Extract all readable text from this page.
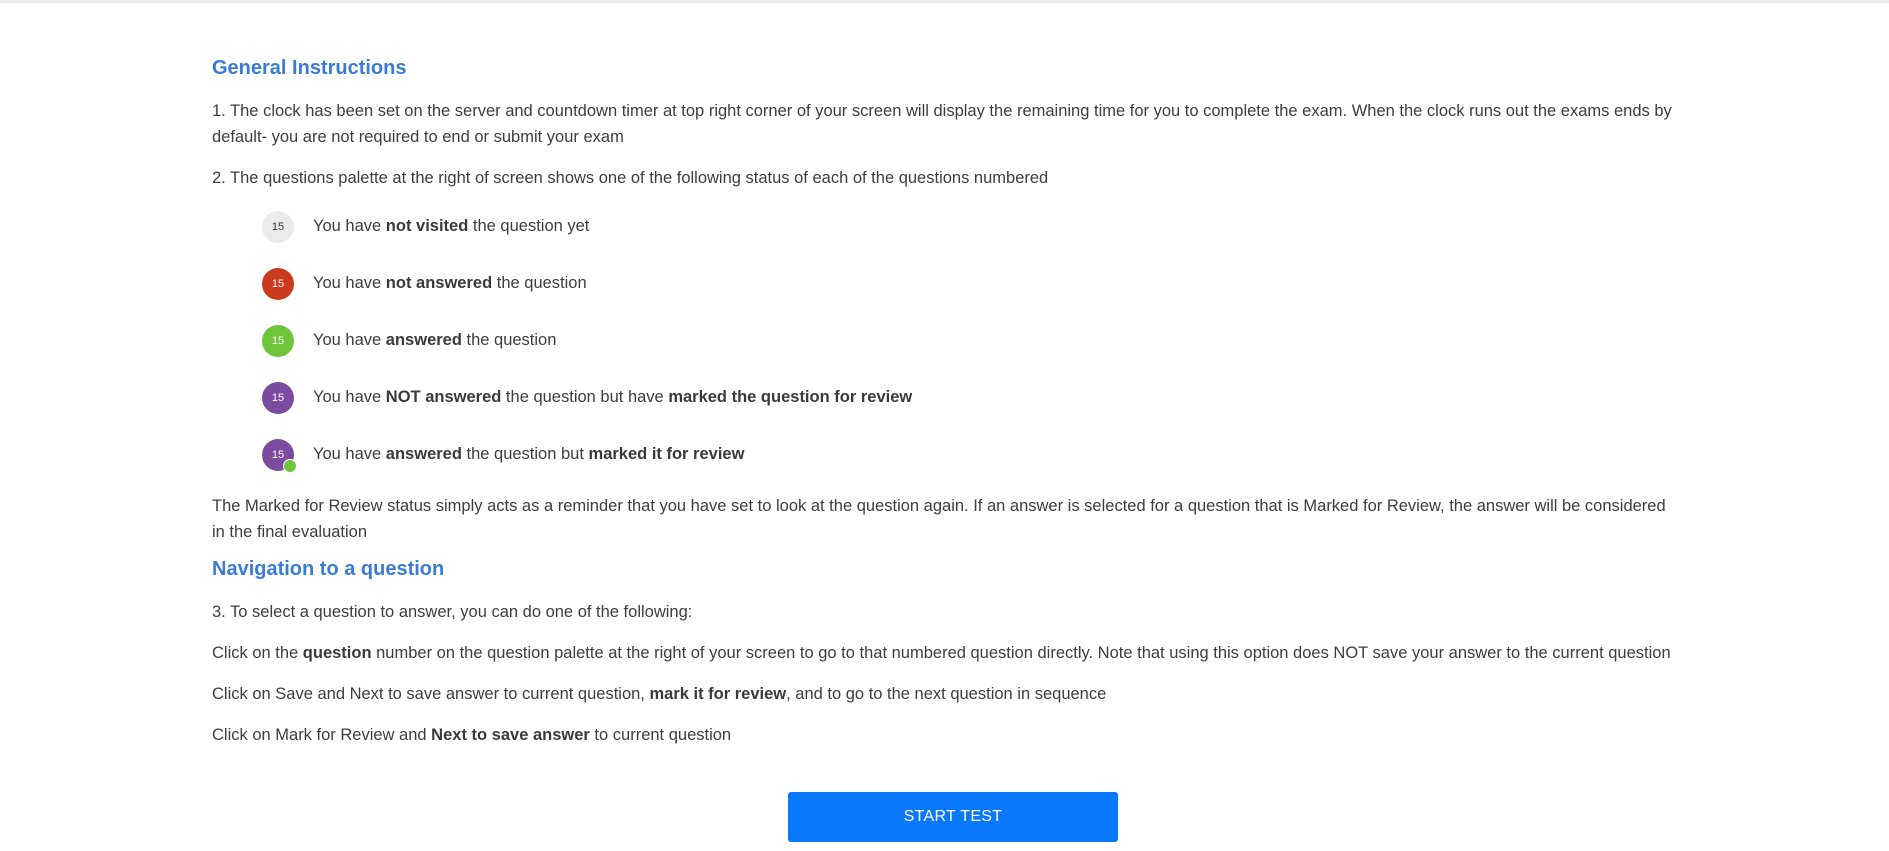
General Instructions

1. The clock has been set on the server and countdown timer at top right corner of your screen will display the remaining time for you to complete the exam. When the clock runs out the exams ends by default- you are not required to end or submit your exam

2. The questions palette at the right of screen shows one of the following status of each of the questions numbered

15 You have not visited the question yet
15 You have not answered the question
15 You have answered the question
15 You have NOT answered the question but have marked the question for review
15 You have answered the question but marked it for review

The Marked for Review status simply acts as a reminder that you have set to look at the question again. If an answer is selected for a question that is Marked for Review, the answer will be considered in the final evaluation

Navigation to a question

3. To select a question to answer, you can do one of the following:

Click on the question number on the question palette at the right of your screen to go to that numbered question directly. Note that using this option does NOT save your answer to the current question

Click on Save and Next to save answer to current question, mark it for review, and to go to the next question in sequence

Click on Mark for Review and Next to save answer to current question

START TEST
